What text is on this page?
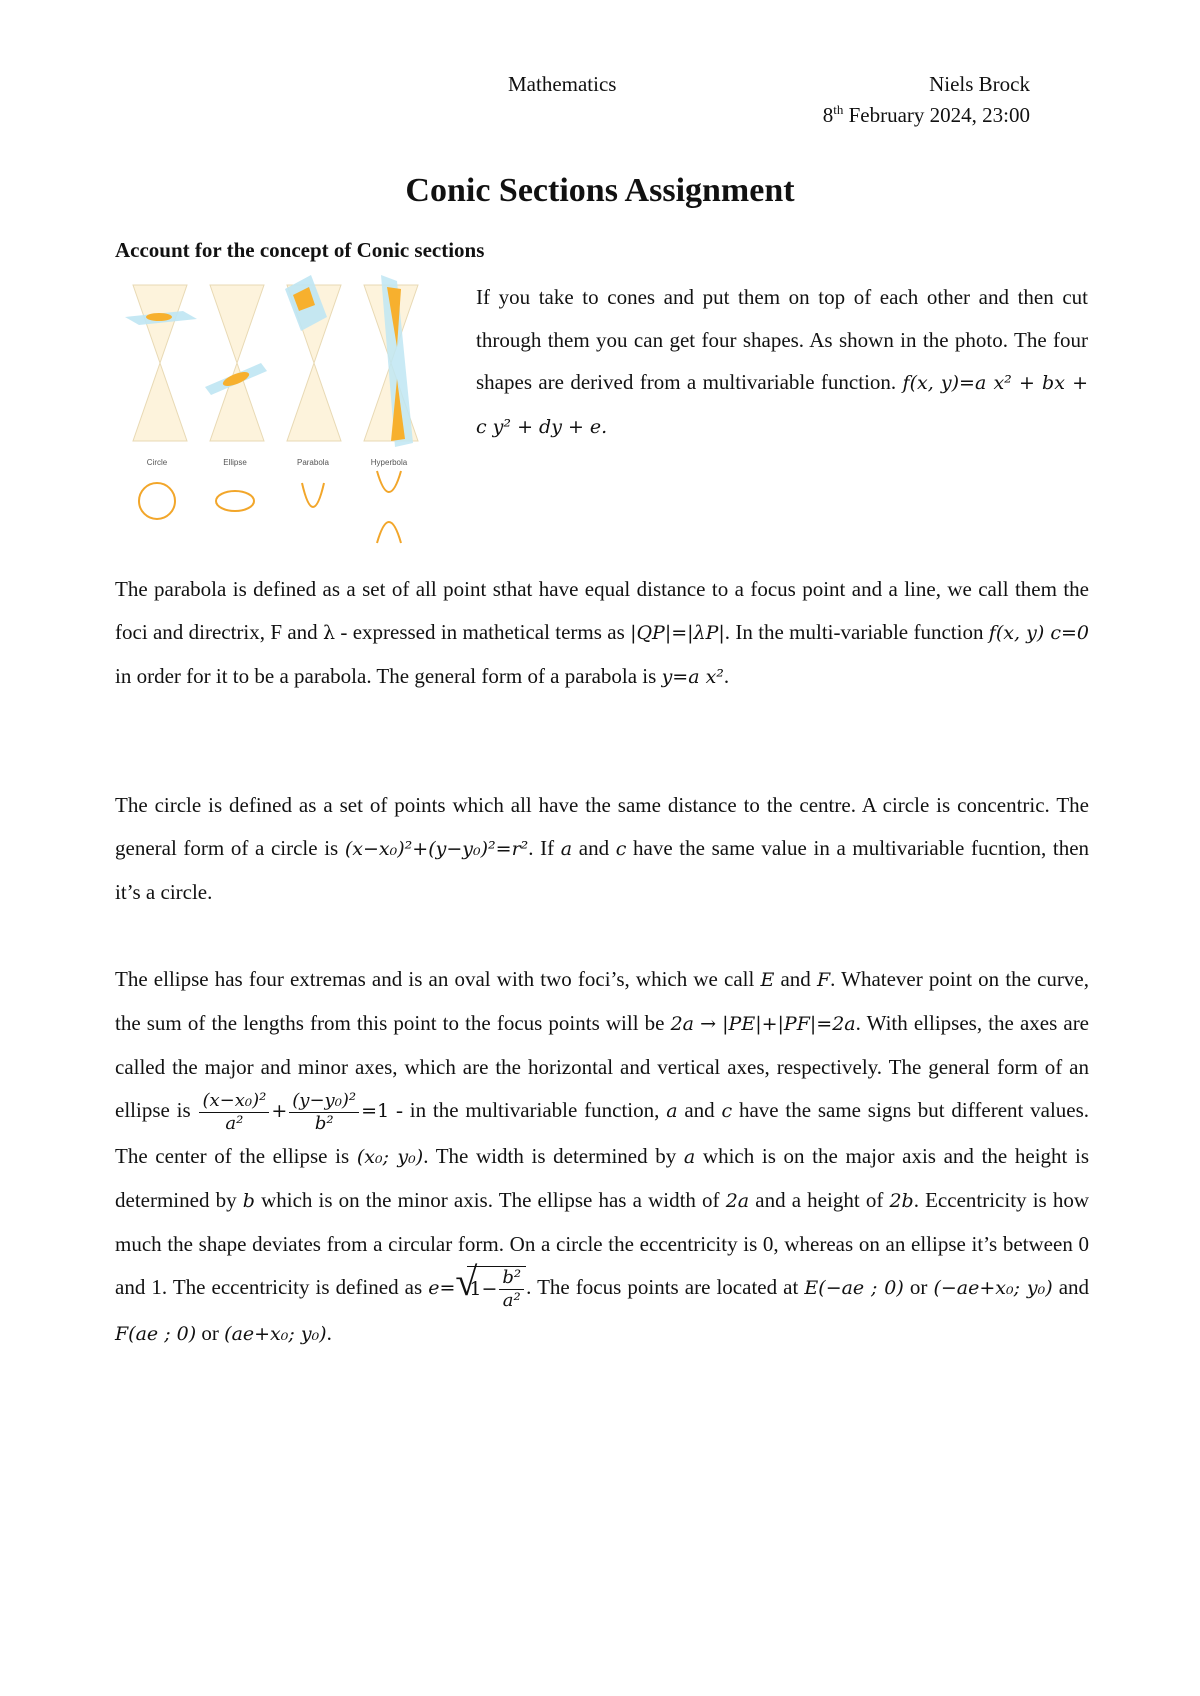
Mathematics	Niels Brock
8th February 2024, 23:00
Conic Sections Assignment
Account for the concept of Conic sections
Circle	Ellipse	Parabola	Hyperbola
If you take to cones and put them on top of each other and then cut through them you can get four shapes. As shown in the photo. The four shapes are derived from a multivariable function. f(x, y)=a x² + bx + c y² + dy + e.
The parabola is defined as a set of all point sthat have equal distance to a focus point and a line, we call them the foci and directrix, F and λ - expressed in mathetical terms as |QP|=|λP|. In the multi-variable function f(x, y) c=0 in order for it to be a parabola. The general form of a parabola is y=a x².
The circle is defined as a set of points which all have the same distance to the centre. A circle is concentric. The general form of a circle is (x−x₀)²+(y−y₀)²=r². If a and c have the same value in a multivariable fucntion, then it’s a circle.
The ellipse has four extremas and is an oval with two foci’s, which we call E and F. Whatever point on the curve, the sum of the lengths from this point to the focus points will be 2a → |PE|+|PF|=2a. With ellipses, the axes are called the major and minor axes, which are the horizontal and vertical axes, respectively. The general form of an ellipse is $\frac{\text{(x−x₀)²}}{\text{a²}} + \frac{\text{(y−y₀)²}}{\text{b²}} =1$ - in the multivariable function, a and c have the same signs but different values. The center of the ellipse is (x₀; y₀). The width is determined by a which is on the major axis and the height is determined by b which is on the minor axis. The ellipse has a width of 2a and a height of 2b. Eccentricity is how much the shape deviates from a circular form. On a circle the eccentricity is 0, whereas on an ellipse it’s between 0 and 1. The eccentricity is defined as e= √
$1- \frac{\text{b²}}{\text{a²}}$ . The focus points are located at E(−ae ; 0) or (−ae+x₀; y₀) and F(ae ; 0) or (ae+x₀; y₀).
